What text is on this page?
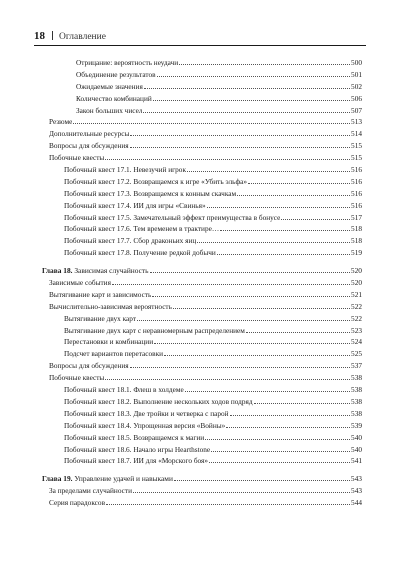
18 Оглавление
Отрицание: вероятность неудачи	500
Объединение результатов	501
Ожидаемые значения	502
Количество комбинаций	506
Закон больших чисел	507
Резюме	513
Дополнительные ресурсы	514
Вопросы для обсуждения	515
Побочные квесты	515
Побочный квест 17.1. Невезучий игрок	516
Побочный квест 17.2. Возвращаемся к игре «Убить эльфа»	516
Побочный квест 17.3. Возвращаемся к конным скачкам	516
Побочный квест 17.4. ИИ для игры «Свинья»	516
Побочный квест 17.5. Замечательный эффект преимущества в бонусе	517
Побочный квест 17.6. Тем временем в трактире…	518
Побочный квест 17.7. Сбор драконьих яиц	518
Побочный квест 17.8. Получение редкой добычи	519
Глава 18. Зависимая случайность	520
Зависимые события	520
Вытягивание карт и зависимость	521
Вычислительно-зависимая вероятность	522
Вытягивание двух карт	522
Вытягивание двух карт с неравномерным распределением	523
Перестановки и комбинации	524
Подсчет вариантов перетасовки	525
Вопросы для обсуждения	537
Побочные квесты	538
Побочный квест 18.1. Флеш в холдеме	538
Побочный квест 18.2. Выполнение нескольких ходов подряд	538
Побочный квест 18.3. Две тройки и четверка с парой	538
Побочный квест 18.4. Упрощенная версия «Войны»	539
Побочный квест 18.5. Возвращаемся к магии	540
Побочный квест 18.6. Начало игры Hearthstone	540
Побочный квест 18.7. ИИ для «Морского боя»	541
Глава 19. Управление удачей и навыками	543
За пределами случайности	543
Серия парадоксов	544
